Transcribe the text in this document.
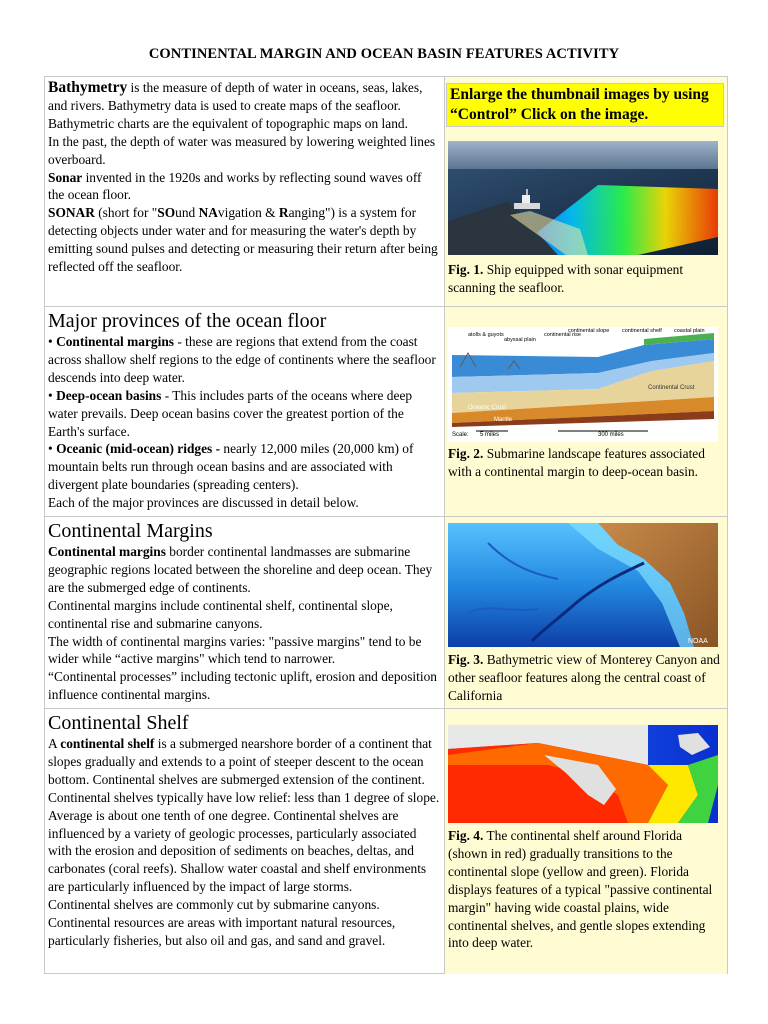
CONTINENTAL MARGIN AND OCEAN BASIN FEATURES ACTIVITY
Bathymetry is the measure of depth of water in oceans, seas, lakes, and rivers. Bathymetry data is used to create maps of the seafloor. Bathymetric charts are the equivalent of topographic maps on land.
In the past, the depth of water was measured by lowering weighted lines overboard.
Sonar invented in the 1920s and works by reflecting sound waves off the ocean floor.
SONAR (short for "SOund NAvigation & Ranging") is a system for detecting objects under water and for measuring the water's depth by emitting sound pulses and detecting or measuring their return after being reflected off the seafloor.
Enlarge the thumbnail images by using “Control” Click on the image.
Fig. 1. Ship equipped with sonar equipment scanning the seafloor.
Major provinces of the ocean floor
• Continental margins - these are regions that extend from the coast across shallow shelf regions to the edge of continents where the seafloor descends into deep water.
• Deep-ocean basins - This includes parts of the oceans where deep water prevails. Deep ocean basins cover the greatest portion of the Earth's surface.
• Oceanic (mid-ocean) ridges - nearly 12,000 miles (20,000 km) of mountain belts run through ocean basins and are associated with divergent plate boundaries (spreading centers).
Each of the major provinces are discussed in detail below.
continental rise
continental slope continental shelf coastal plain
abyssal plain
atolls & guyots
Oceanic Crust
Continental Crust
Mantle
Scale: 5 miles	300 miles
Fig. 2. Submarine landscape features associated with a continental margin to deep-ocean basin.
Continental Margins
Continental margins border continental landmasses are submarine geographic regions located between the shoreline and deep ocean. They are the submerged edge of continents.
Continental margins include continental shelf, continental slope, continental rise and submarine canyons.
The width of continental margins varies: "passive margins" tend to be wider while “active margins" which tend to narrower.
“Continental processes” including tectonic uplift, erosion and deposition influence continental margins.
NOAA
Fig. 3. Bathymetric view of Monterey Canyon and other seafloor features along the central coast of California
Continental Shelf
A continental shelf is a submerged nearshore border of a continent that slopes gradually and extends to a point of steeper descent to the ocean bottom. Continental shelves are submerged extension of the continent. Continental shelves typically have low relief: less than 1 degree of slope. Average is about one tenth of one degree. Continental shelves are influenced by a variety of geologic processes, particularly associated with the erosion and deposition of sediments on beaches, deltas, and carbonates (coral reefs). Shallow water coastal and shelf environments are particularly influenced by the impact of large storms.
Continental shelves are commonly cut by submarine canyons.
Continental resources are areas with important natural resources, particularly fisheries, but also oil and gas, and sand and gravel.
Fig. 4. The continental shelf around Florida (shown in red) gradually transitions to the continental slope (yellow and green). Florida displays features of a typical "passive continental margin" having wide coastal plains, wide continental shelves, and gentle slopes extending into deep water.
